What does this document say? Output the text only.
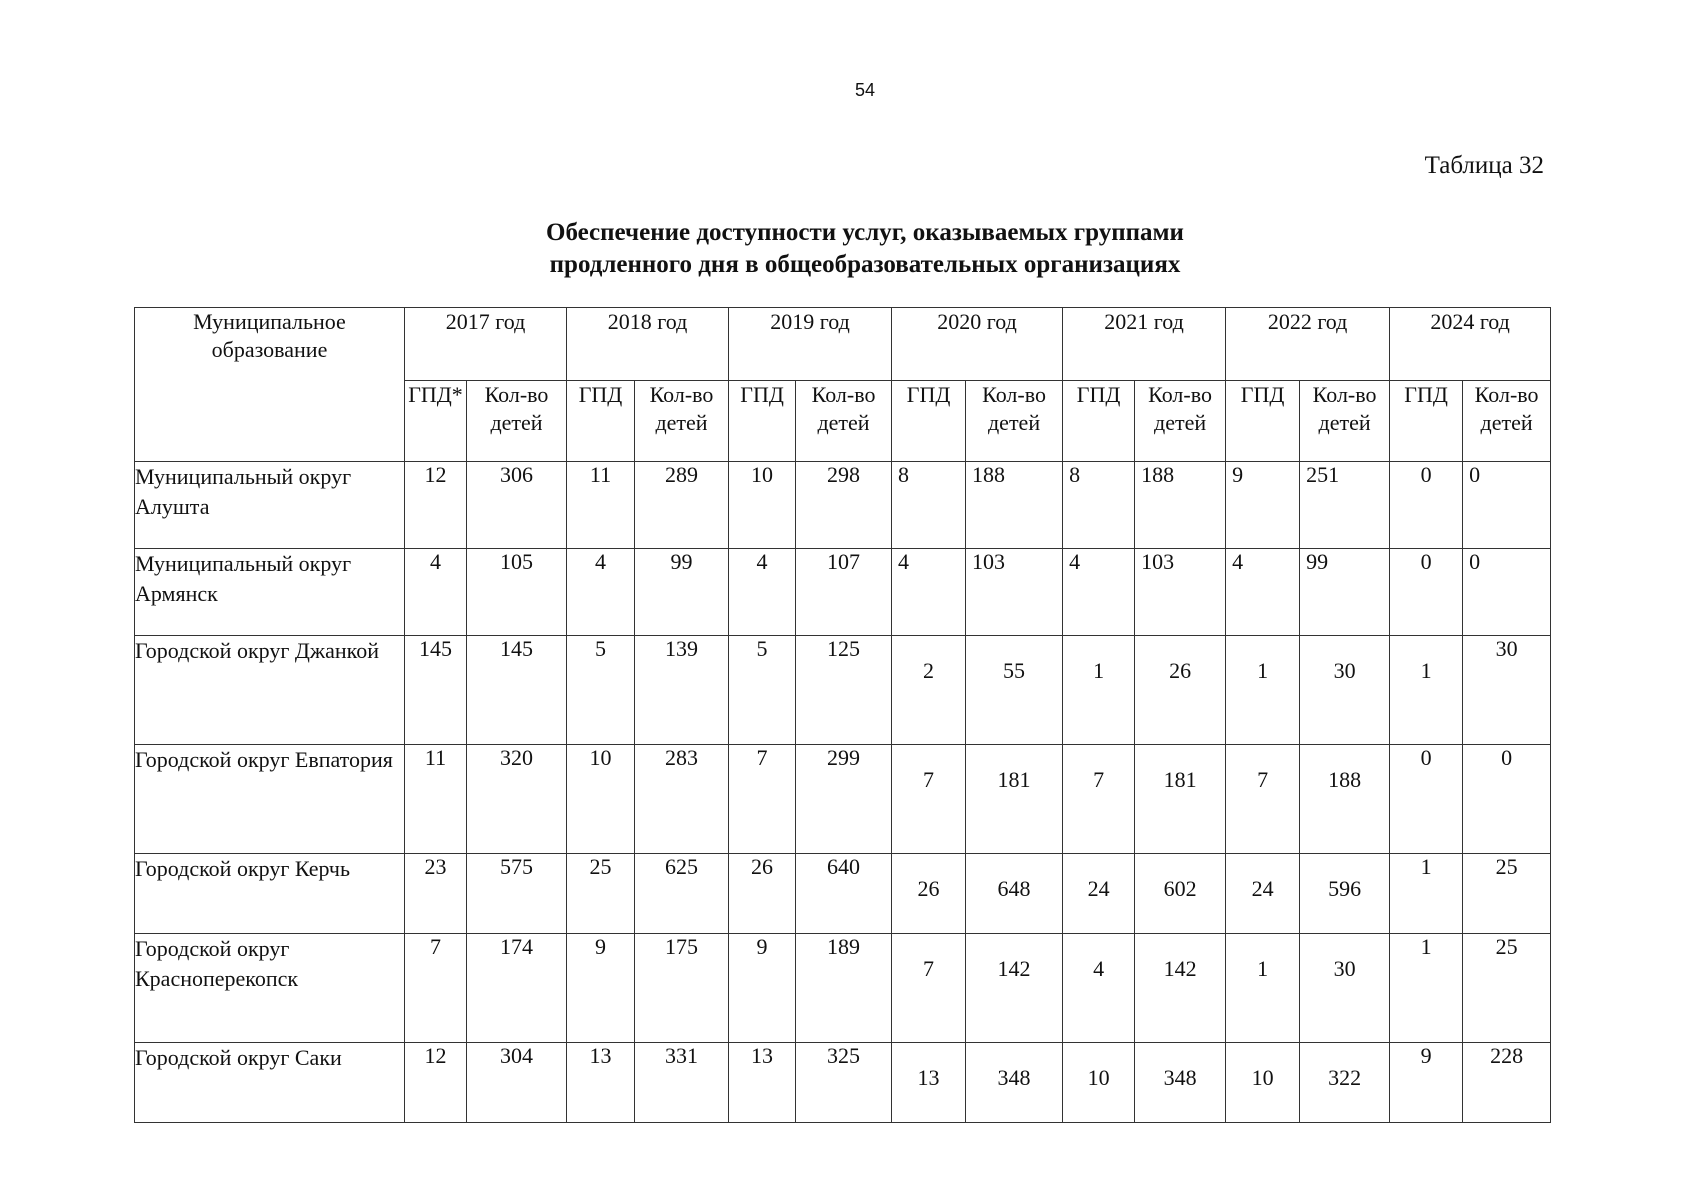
54
Таблица 32
Обеспечение доступности услуг, оказываемых группами
продленного дня в общеобразовательных организациях
Муниципальное образование	2017 год		2018 год		2019 год		2020 год		2021 год		2022 год		2024 год	
	ГПД*	Кол-во детей	ГПД	Кол-во детей	ГПД	Кол-во детей	ГПД	Кол-во детей	ГПД	Кол-во детей	ГПД	Кол-во детей	ГПД	Кол-во детей
Муниципальный округ Алушта	12	306	11	289	10	298	8	188	8	188	9	251	0	0
Муниципальный округ Армянск	4	105	4	99	4	107	4	103	4	103	4	99	0	0
Городской округ Джанкой	145	145	5	139	5	125	2	55	1	26	1	30	1	30
Городской округ Евпатория	11	320	10	283	7	299	7	181	7	181	7	188	0	0
Городской округ Керчь	23	575	25	625	26	640	26	648	24	602	24	596	1	25
Городской округ Красноперекопск	7	174	9	175	9	189	7	142	4	142	1	30	1	25
Городской округ Саки	12	304	13	331	13	325	13	348	10	348	10	322	9	228
